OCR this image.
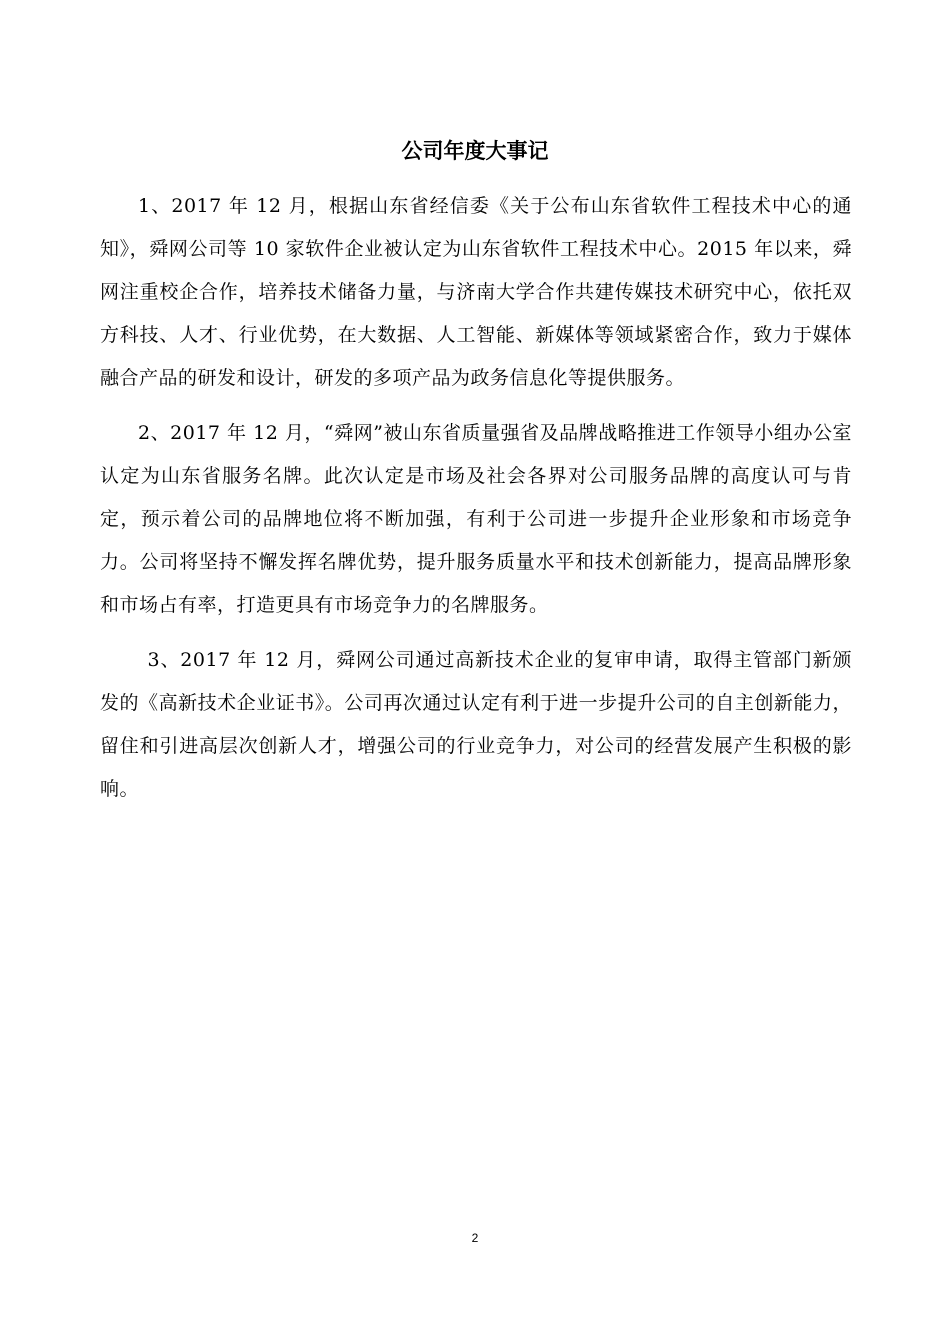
公司年度大事记

1、2017 年 12 月，根据山东省经信委《关于公布山东省软件工程技术中心的通知》，舜网公司等 10 家软件企业被认定为山东省软件工程技术中心。2015 年以来，舜网注重校企合作，培养技术储备力量，与济南大学合作共建传媒技术研究中心，依托双方科技、人才、行业优势，在大数据、人工智能、新媒体等领域紧密合作，致力于媒体融合产品的研发和设计，研发的多项产品为政务信息化等提供服务。

2、2017 年 12 月，“舜网”被山东省质量强省及品牌战略推进工作领导小组办公室认定为山东省服务名牌。此次认定是市场及社会各界对公司服务品牌的高度认可与肯定，预示着公司的品牌地位将不断加强，有利于公司进一步提升企业形象和市场竞争力。公司将坚持不懈发挥名牌优势，提升服务质量水平和技术创新能力，提高品牌形象和市场占有率，打造更具有市场竞争力的名牌服务。

3、2017 年 12 月，舜网公司通过高新技术企业的复审申请，取得主管部门新颁发的《高新技术企业证书》。公司再次通过认定有利于进一步提升公司的自主创新能力，留住和引进高层次创新人才，增强公司的行业竞争力，对公司的经营发展产生积极的影响。

2
